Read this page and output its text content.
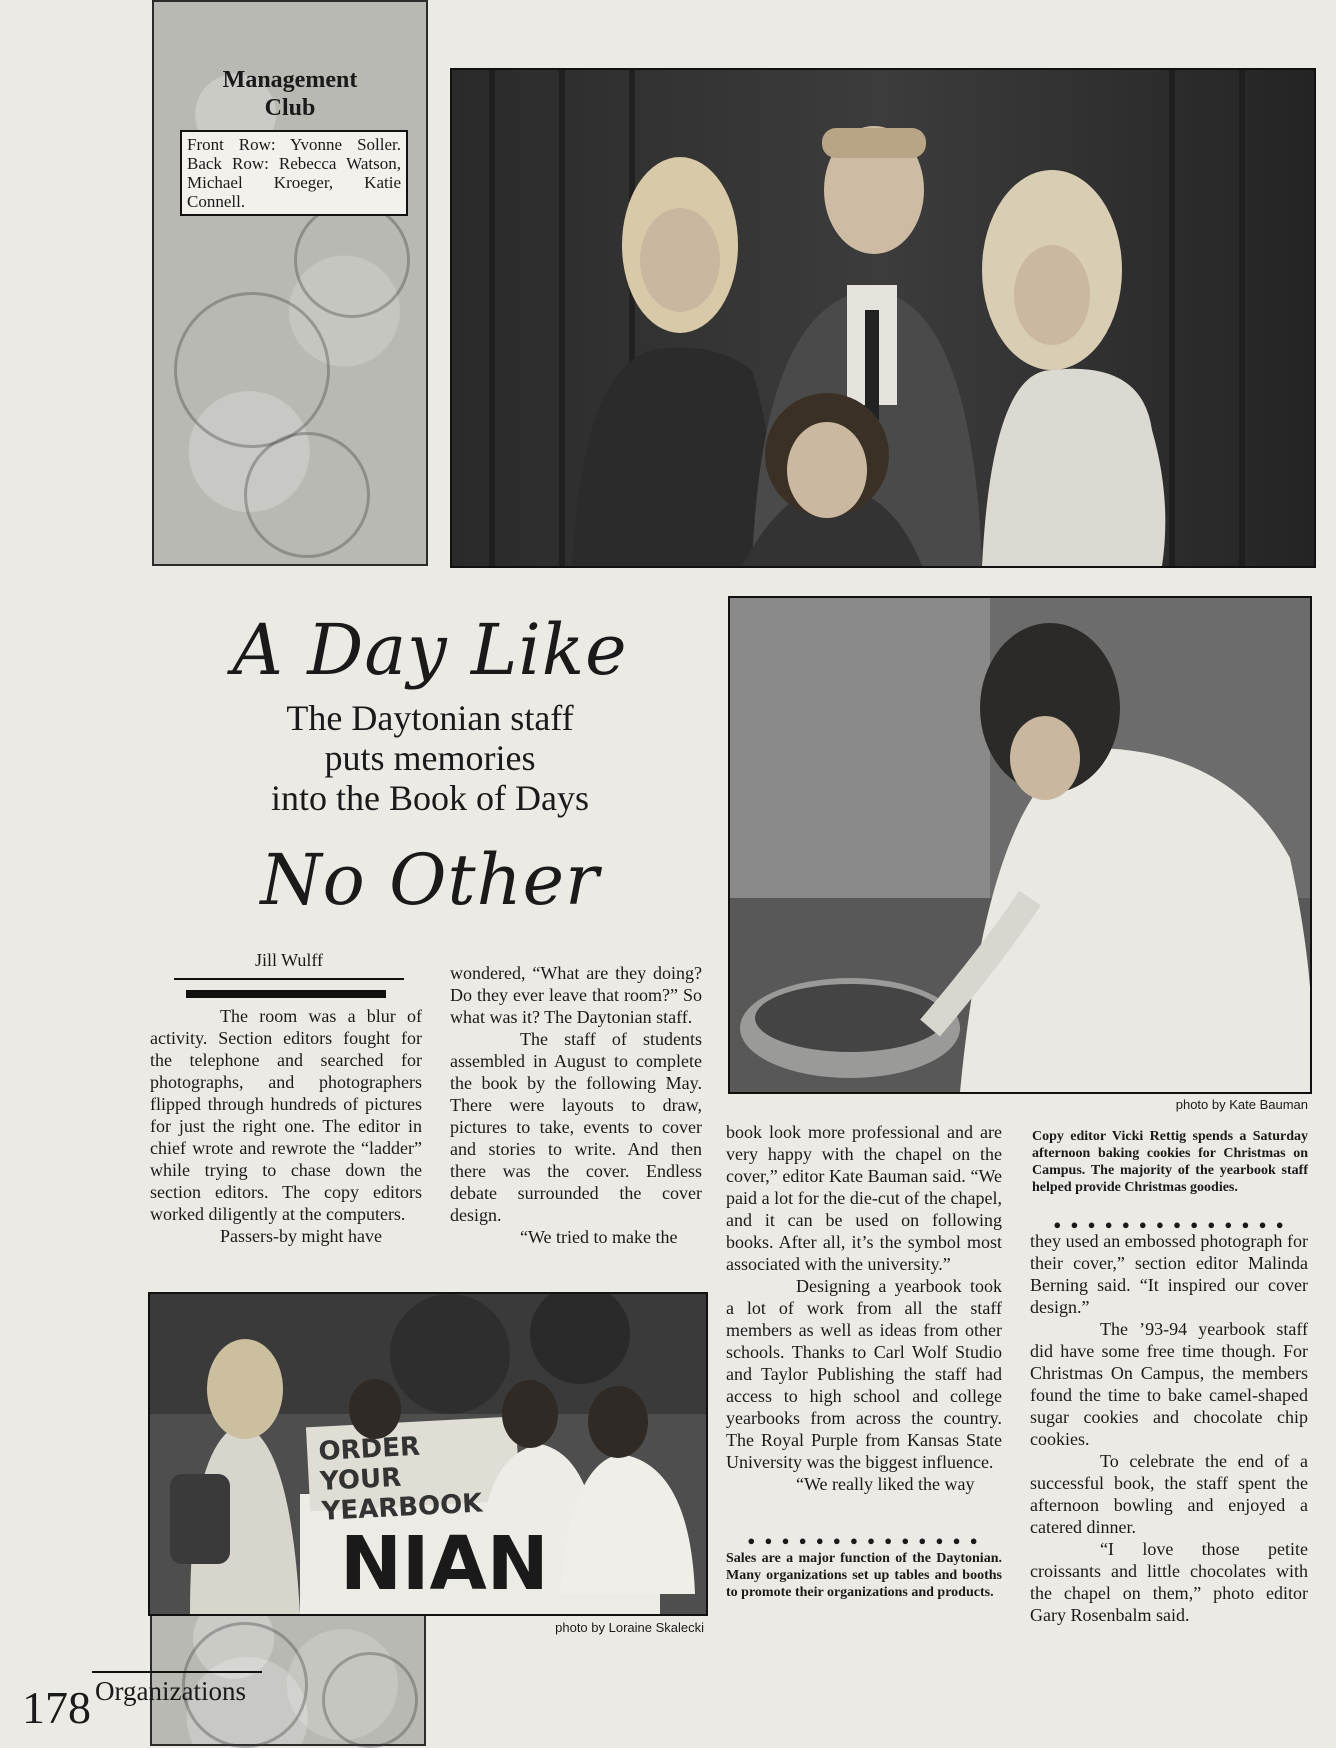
Management Club
Front Row: Yvonne Soller. Back Row: Rebecca Watson, Michael Kroeger, Katie Connell.
A Day Like
The Daytonian staff
puts memories
into the Book of Days
No Other
photo by Kate Bauman
Jill Wulff

The room was a blur of activity. Section editors fought for the telephone and searched for photographs, and photographers flipped through hundreds of pictures for just the right one. The editor in chief wrote and rewrote the “ladder” while trying to chase down the section editors. The copy editors worked diligently at the computers.

Passers-by might have

wondered, “What are they doing? Do they ever leave that room?” So what was it? The Daytonian staff.

The staff of students assembled in August to complete the book by the following May. There were layouts to draw, pictures to take, events to cover and stories to write. And then there was the cover. Endless debate surrounded the cover design.

“We tried to make the

book look more professional and are very happy with the chapel on the cover,” editor Kate Bauman said. “We paid a lot for the die-cut of the chapel, and it can be used on following books. After all, it’s the symbol most associated with the university.”

Designing a yearbook took a lot of work from all the staff members as well as ideas from other schools. Thanks to Carl Wolf Studio and Taylor Publishing the staff had access to high school and college yearbooks from across the country. The Royal Purple from Kansas State University was the biggest influence.

“We really liked the way

● ● ● ● ● ● ● ● ● ● ● ● ● ●
Sales are a major function of the Daytonian. Many organizations set up tables and booths to promote their organizations and products.
Copy editor Vicki Rettig spends a Saturday afternoon baking cookies for Christmas on Campus. The majority of the yearbook staff helped provide Christmas goodies.
● ● ● ● ● ● ● ● ● ● ● ● ● ●

they used an embossed photograph for their cover,” section editor Malinda Berning said. “It inspired our cover design.”

The ’93-94 yearbook staff did have some free time though. For Christmas On Campus, the members found the time to bake camel-shaped sugar cookies and chocolate chip cookies.

To celebrate the end of a successful book, the staff spent the afternoon bowling and enjoyed a catered dinner.

“I love those petite croissants and little chocolates with the chapel on them,” photo editor Gary Rosenbalm said.

ORDER YOUR YEARBOOK
NIAN
photo by Loraine Skalecki
178 Organizations
